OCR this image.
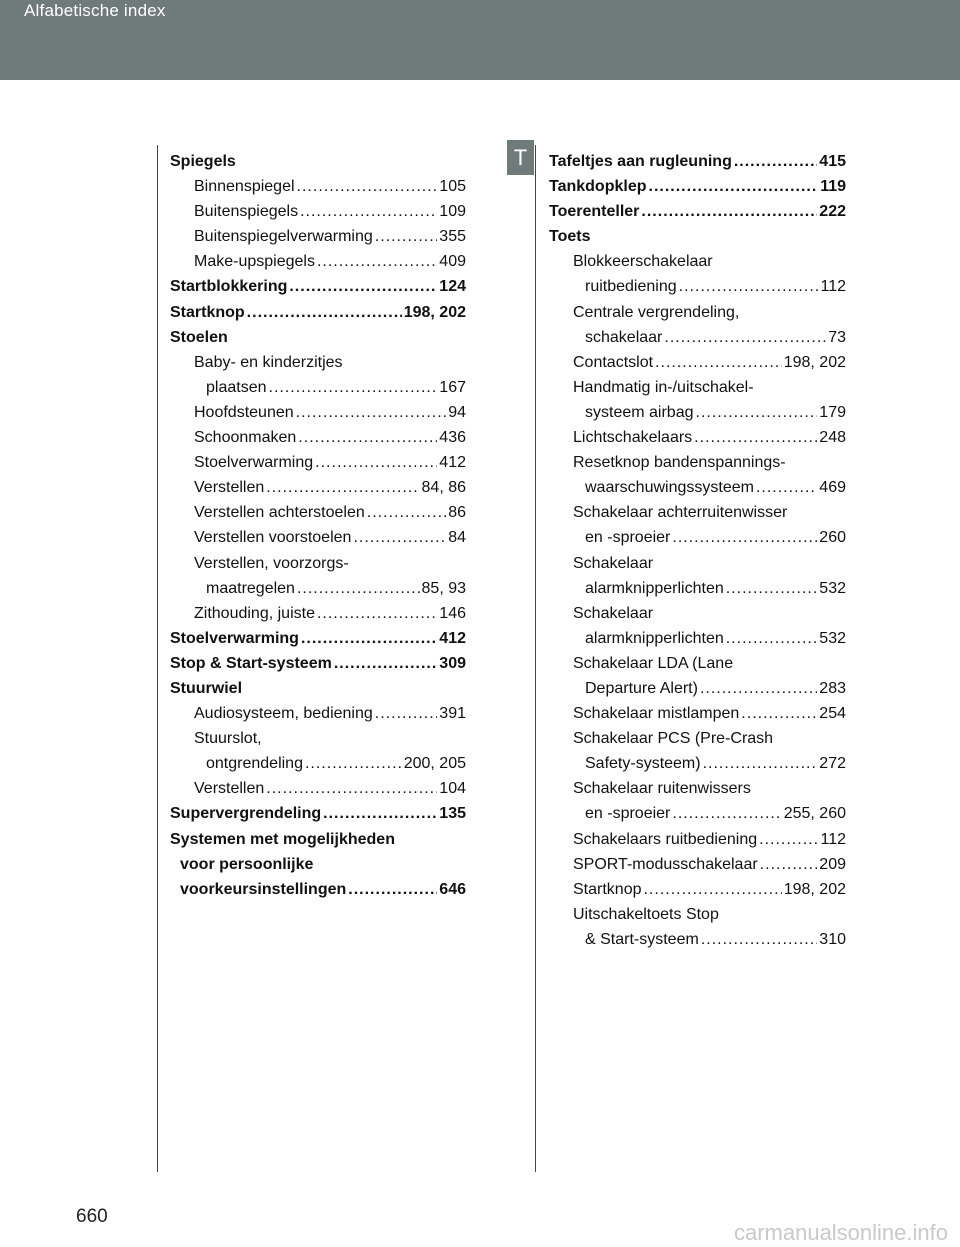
Alfabetische index
T
Spiegels
Binnenspiegel .....	105
Buitenspiegels .....	109
Buitenspiegelverwarming .....	355
Make-upspiegels .....	409
Startblokkering .....	124
Startknop .....	198, 202
Stoelen
Baby- en kinderzitjes
plaatsen .....	167
Hoofdsteunen .....	94
Schoonmaken .....	436
Stoelverwarming .....	412
Verstellen .....	84, 86
Verstellen achterstoelen .....	86
Verstellen voorstoelen .....	84
Verstellen, voorzorgs-
maatregelen .....	85, 93
Zithouding, juiste .....	146
Stoelverwarming .....	412
Stop & Start-systeem .....	309
Stuurwiel
Audiosysteem, bediening .....	391
Stuurslot,
ontgrendeling .....	200, 205
Verstellen .....	104
Supervergrendeling .....	135
Systemen met mogelijkheden
voor persoonlijke
voorkeursinstellingen .....	646
Tafeltjes aan rugleuning .....	415
Tankdopklep .....	119
Toerenteller .....	222
Toets
Blokkeerschakelaar
ruitbediening .....	112
Centrale vergrendeling,
schakelaar .....	73
Contactslot .....	198, 202
Handmatig in-/uitschakel-
systeem airbag .....	179
Lichtschakelaars .....	248
Resetknop bandenspannings-
waarschuwingssysteem .....	469
Schakelaar achterruitenwisser
en -sproeier .....	260
Schakelaar
alarmknipperlichten .....	532
Schakelaar
alarmknipperlichten .....	532
Schakelaar LDA (Lane
Departure Alert) .....	283
Schakelaar mistlampen .....	254
Schakelaar PCS (Pre-Crash
Safety-systeem) .....	272
Schakelaar ruitenwissers
en -sproeier .....	255, 260
Schakelaars ruitbediening .....	112
SPORT-modusschakelaar .....	209
Startknop .....	198, 202
Uitschakeltoets Stop
& Start-systeem .....	310
660
carmanualsonline.info
